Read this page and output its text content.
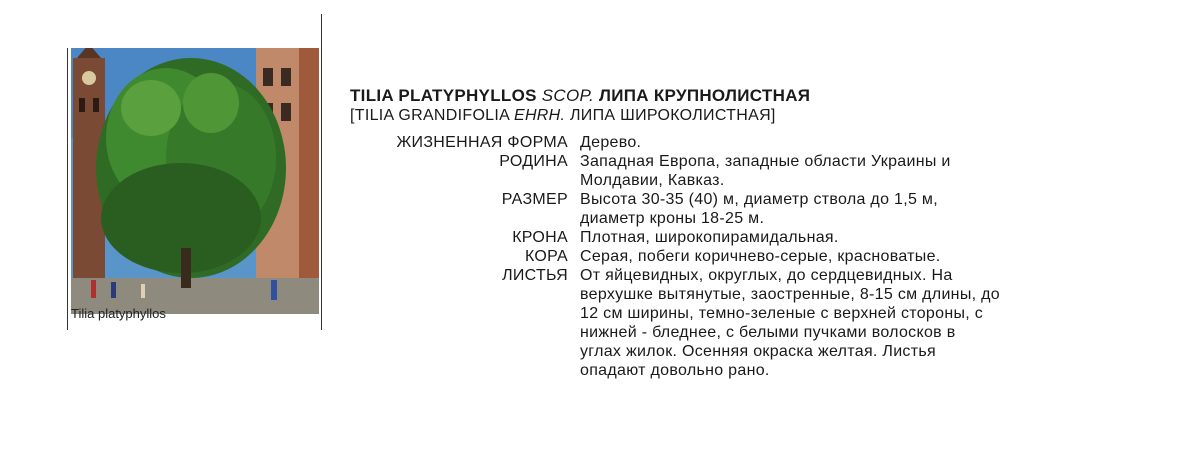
Tilia platyphyllos
TILIA PLATYPHYLLOS SCOP. ЛИПА КРУПНОЛИСТНАЯ
[TILIA GRANDIFOLIA EHRH. ЛИПА ШИРОКОЛИСТНАЯ]
ЖИЗНЕННАЯ ФОРМА Дерево.
РОДИНА Западная Европа, западные области Украины и Молдавии, Кавказ.
РАЗМЕР Высота 30-35 (40) м, диаметр ствола до 1,5 м, диаметр кроны 18-25 м.
КРОНА Плотная, широкопирамидальная.
КОРА Серая, побеги коричнево-серые, красноватые.
ЛИСТЬЯ От яйцевидных, округлых, до сердцевидных. На верхушке вытянутые, заостренные, 8-15 см длины, до 12 см ширины, темно-зеленые с верхней стороны, с нижней - бледнее, с белыми пучками волосков в углах жилок. Осенняя окраска желтая. Листья опадают довольно рано.
